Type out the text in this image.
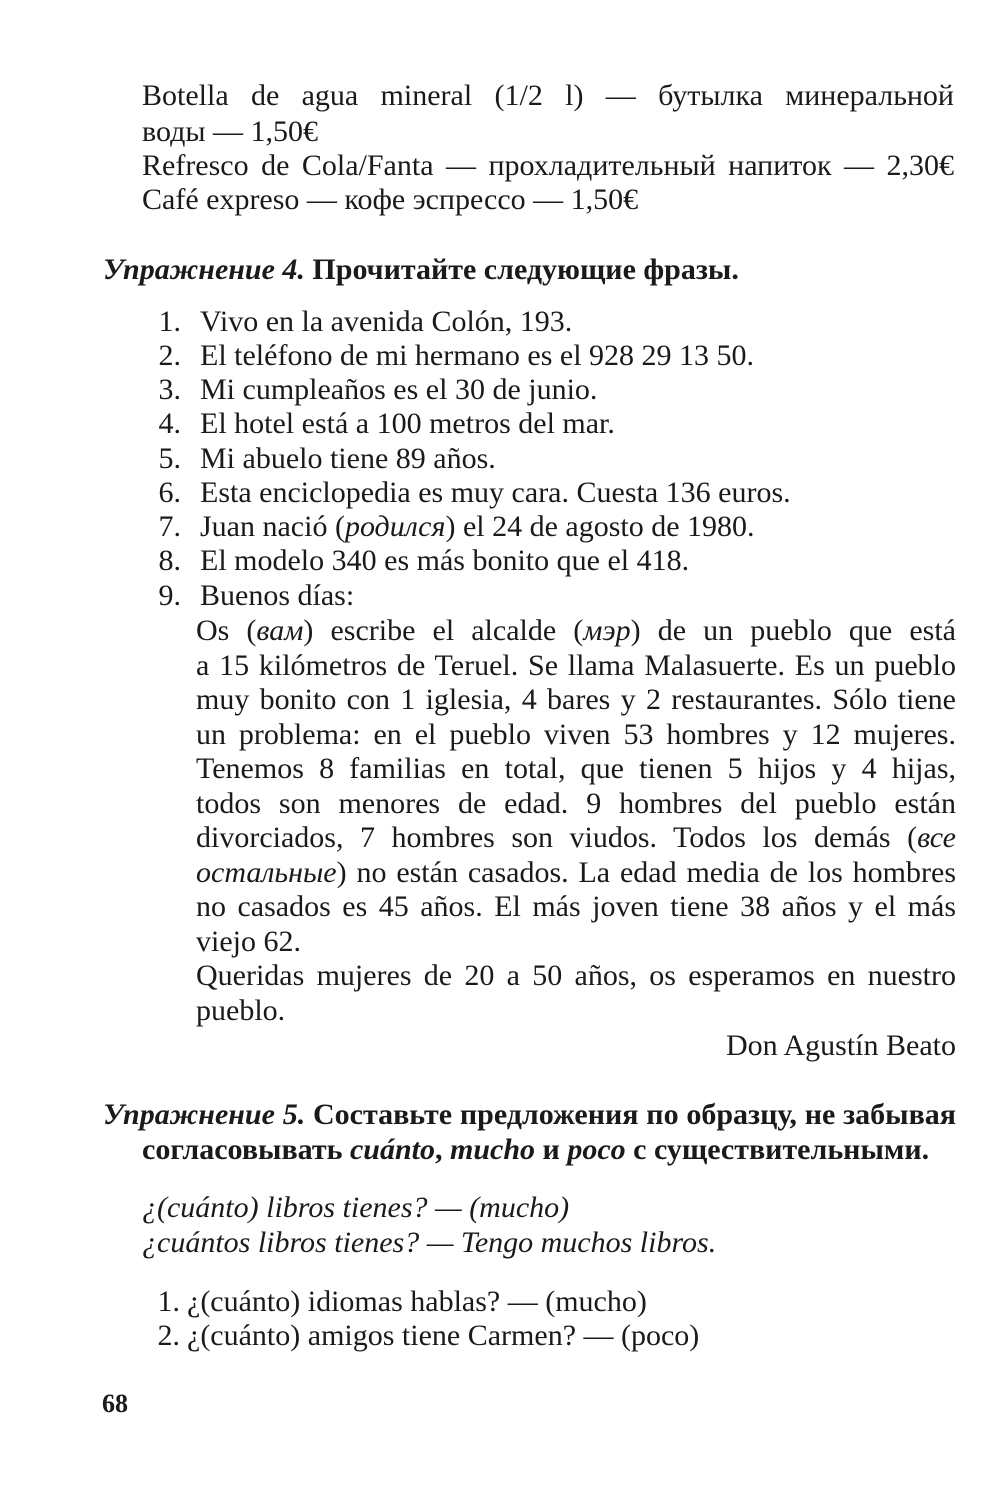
Botella de agua mineral (1/2 l) — бутылка минеральной
воды — 1,50€
Refresco de Cola/Fanta — прохладительный напиток — 2,30€
Café expreso — кофе эспрессо — 1,50€
Упражнение 4. Прочитайте следующие фразы.
1. Vivo en la avenida Colón, 193.
2. El teléfono de mi hermano es el 928 29 13 50.
3. Mi cumpleaños es el 30 de junio.
4. El hotel está a 100 metros del mar.
5. Mi abuelo tiene 89 años.
6. Esta enciclopedia es muy cara. Cuesta 136 euros.
7. Juan nació (родился) el 24 de agosto de 1980.
8. El modelo 340 es más bonito que el 418.
9. Buenos días:
Os (вам) escribe el alcalde (мэр) de un pueblo que está
a 15 kilómetros de Teruel. Se llama Malasuerte. Es un pueblo
muy bonito con 1 iglesia, 4 bares y 2 restaurantes. Sólo tiene
un problema: en el pueblo viven 53 hombres y 12 mujeres.
Tenemos 8 familias en total, que tienen 5 hijos y 4 hijas,
todos son menores de edad. 9 hombres del pueblo están
divorciados, 7 hombres son viudos. Todos los demás (все
остальные) no están casados. La edad media de los hombres
no casados es 45 años. El más joven tiene 38 años y el más
viejo 62.
Queridas mujeres de 20 a 50 años, os esperamos en nuestro
pueblo.
Don Agustín Beato
Упражнение 5. Составьте предложения по образцу, не забывая
согласовывать cuánto, mucho и poco с существительными.
¿(cuánto) libros tienes? — (mucho)
¿cuántos libros tienes? — Tengo muchos libros.
1. ¿(cuánto) idiomas hablas? — (mucho)
2. ¿(cuánto) amigos tiene Carmen? — (poco)
68
